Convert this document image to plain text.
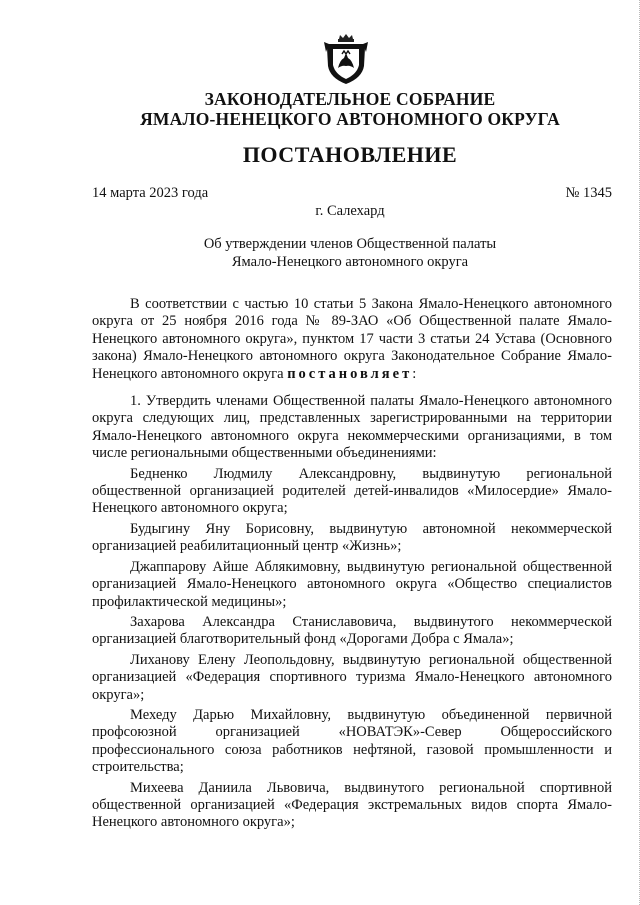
ЗАКОНОДАТЕЛЬНОЕ СОБРАНИЕ
ЯМАЛО-НЕНЕЦКОГО АВТОНОМНОГО ОКРУГА
ПОСТАНОВЛЕНИЕ
14 марта 2023 года	№ 1345
г. Салехард
Об утверждении членов Общественной палаты
Ямало-Ненецкого автономного округа

В соответствии с частью 10 статьи 5 Закона Ямало-Ненецкого автономного округа от 25 ноября 2016 года № 89-ЗАО «Об Общественной палате Ямало-Ненецкого автономного округа», пунктом 17 части 3 статьи 24 Устава (Основного закона) Ямало-Ненецкого автономного округа Законодательное Собрание Ямало-Ненецкого автономного округа постановляет:

1. Утвердить членами Общественной палаты Ямало-Ненецкого автономного округа следующих лиц, представленных зарегистрированными на территории Ямало-Ненецкого автономного округа некоммерческими организациями, в том числе региональными общественными объединениями:

Бедненко Людмилу Александровну, выдвинутую региональной общественной организацией родителей детей-инвалидов «Милосердие» Ямало-Ненецкого автономного округа;

Будыгину Яну Борисовну, выдвинутую автономной некоммерческой организацией реабилитационный центр «Жизнь»;

Джаппарову Айше Аблякимовну, выдвинутую региональной общественной организацией Ямало-Ненецкого автономного округа «Общество специалистов профилактической медицины»;

Захарова Александра Станиславовича, выдвинутого некоммерческой организацией благотворительный фонд «Дорогами Добра с Ямала»;

Лиханову Елену Леопольдовну, выдвинутую региональной общественной организацией «Федерация спортивного туризма Ямало-Ненецкого автономного округа»;

Мехеду Дарью Михайловну, выдвинутую объединенной первичной профсоюзной организацией «НОВАТЭК»-Север Общероссийского профессионального союза работников нефтяной, газовой промышленности и строительства;

Михеева Даниила Львовича, выдвинутого региональной спортивной общественной организацией «Федерация экстремальных видов спорта Ямало-Ненецкого автономного округа»;
